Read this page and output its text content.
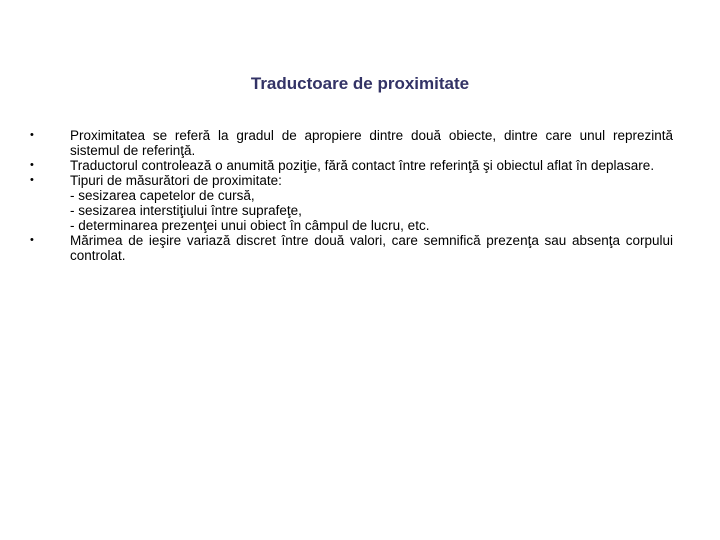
Traductoare de proximitate
•	Proximitatea se referă la gradul de apropiere dintre două obiecte, dintre care unul reprezintă sistemul de referinţă.
•	Traductorul controlează o anumită poziţie, fără contact între referinţă şi obiectul aflat în deplasare.
•	Tipuri de măsurători de proximitate:
- sesizarea capetelor de cursă,
- sesizarea interstiţiului între suprafeţe,
- determinarea prezenţei unui obiect în câmpul de lucru, etc.
•	Mărimea de ieşire variază discret între două valori, care semnifică prezenţa sau absenţa corpului controlat.
